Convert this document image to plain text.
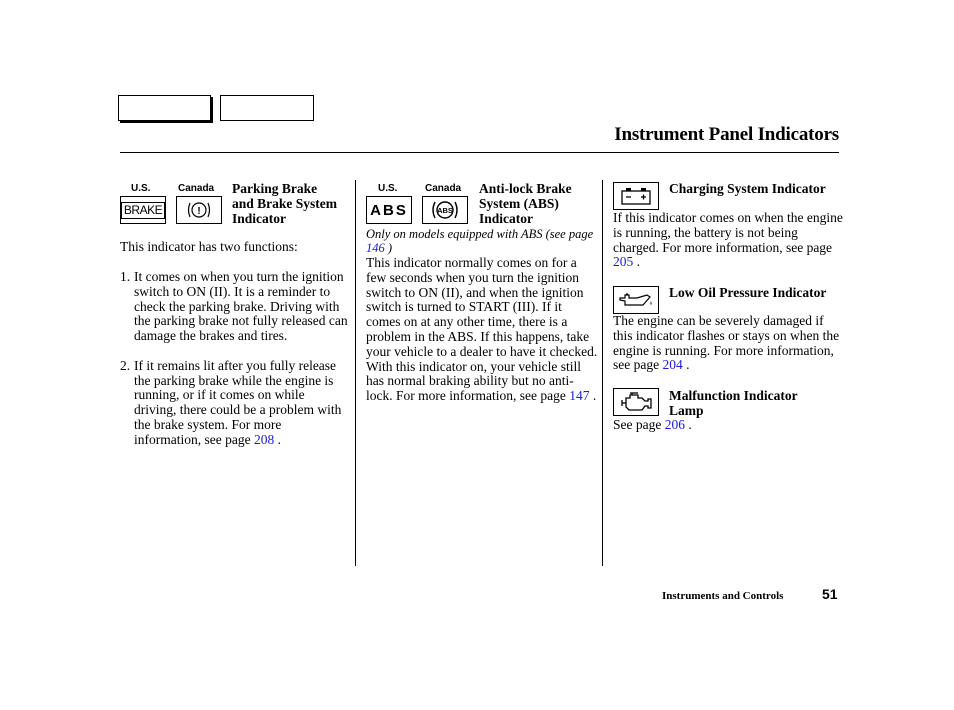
Instrument Panel Indicators
U.S.	Canada
BRAKE	!
Parking Brake and Brake System Indicator
This indicator has two functions:
1. It comes on when you turn the ignition switch to ON (II). It is a reminder to check the parking brake. Driving with the parking brake not fully released can damage the brakes and tires.
2. If it remains lit after you fully release the parking brake while the engine is running, or if it comes on while driving, there could be a problem with the brake system. For more information, see page 208 .
U.S.	Canada
ABS	ABS
Anti-lock Brake System (ABS) Indicator
Only on models equipped with ABS (see page 146 )
This indicator normally comes on for a few seconds when you turn the ignition switch to ON (II), and when the ignition switch is turned to START (III). If it comes on at any other time, there is a problem in the ABS. If this happens, take your vehicle to a dealer to have it checked. With this indicator on, your vehicle still has normal braking ability but no anti-lock. For more information, see page 147 .
Charging System Indicator
If this indicator comes on when the engine is running, the battery is not being charged. For more information, see page 205 .
Low Oil Pressure Indicator
The engine can be severely damaged if this indicator flashes or stays on when the engine is running. For more information, see page 204 .
Malfunction Indicator Lamp
See page 206 .
Instruments and Controls	51
